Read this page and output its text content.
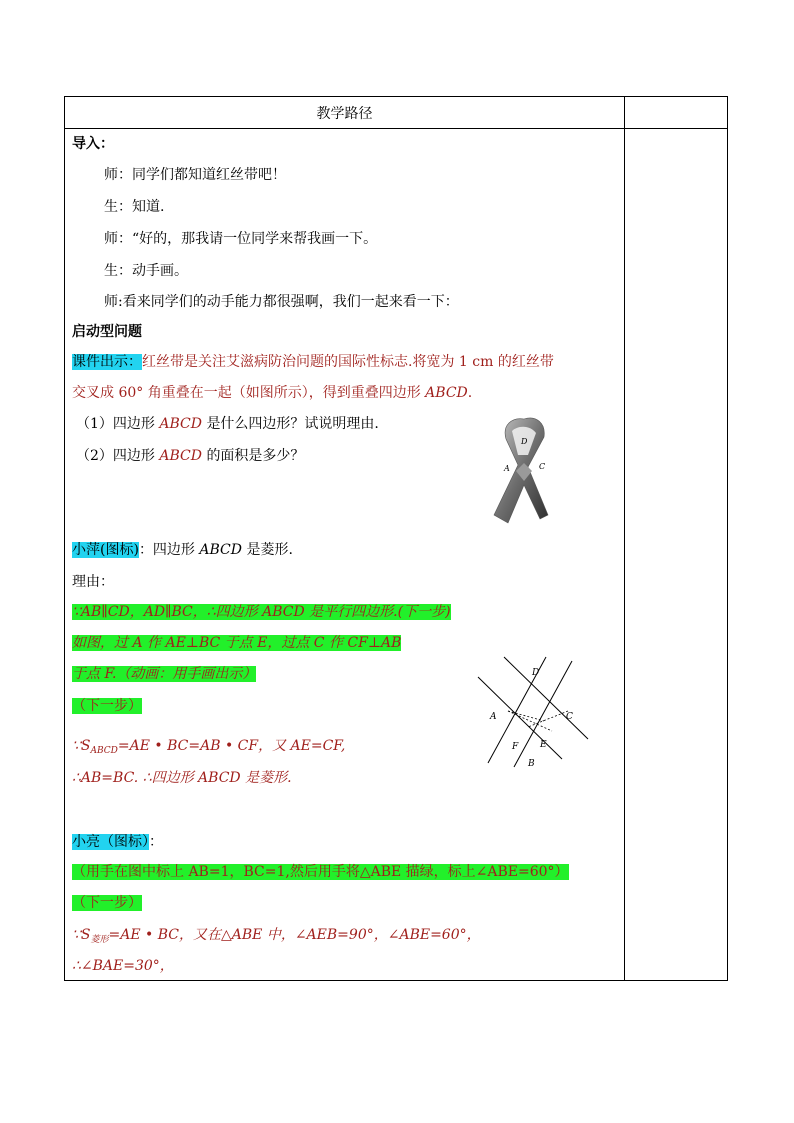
教学路径
导入：
师：同学们都知道红丝带吧！
生：知道.
师：“好的，那我请一位同学来帮我画一下。
生：动手画。
师:看来同学们的动手能力都很强啊，我们一起来看一下：
启动型问题
课件出示：红丝带是关注艾滋病防治问题的国际性标志.将宽为 1 cm 的红丝带
交叉成 60° 角重叠在一起（如图所示），得到重叠四边形 ABCD.
（1）四边形 ABCD 是什么四边形？试说明理由.
（2）四边形 ABCD 的面积是多少？
D
A	C
B
小萍(图标)：四边形 ABCD 是菱形.
理由：
∵AB∥CD，AD∥BC，∴四边形 ABCD 是平行四边形.(下一步)
如图，过 A 作 AE⊥BC 于点 E，过点 C 作 CF⊥AB
于点 F.（动画：用手画出示）
（下一步）
$\because S_{ABCD}=AE$ • BC=AB • CF，又 AE=CF,
∴AB=BC. ∴四边形 ABCD 是菱形.
D
A	C
F E
B
小亮（图标）：
（用手在图中标上 AB=1，BC=1,然后用手将△ABE 描绿，标上∠ABE=60°）
（下一步）
$\because S_{菱形}=AE$ • BC，又在△ABE 中，∠AEB=90°，∠ABE=60°，
∴∠BAE=30°，
